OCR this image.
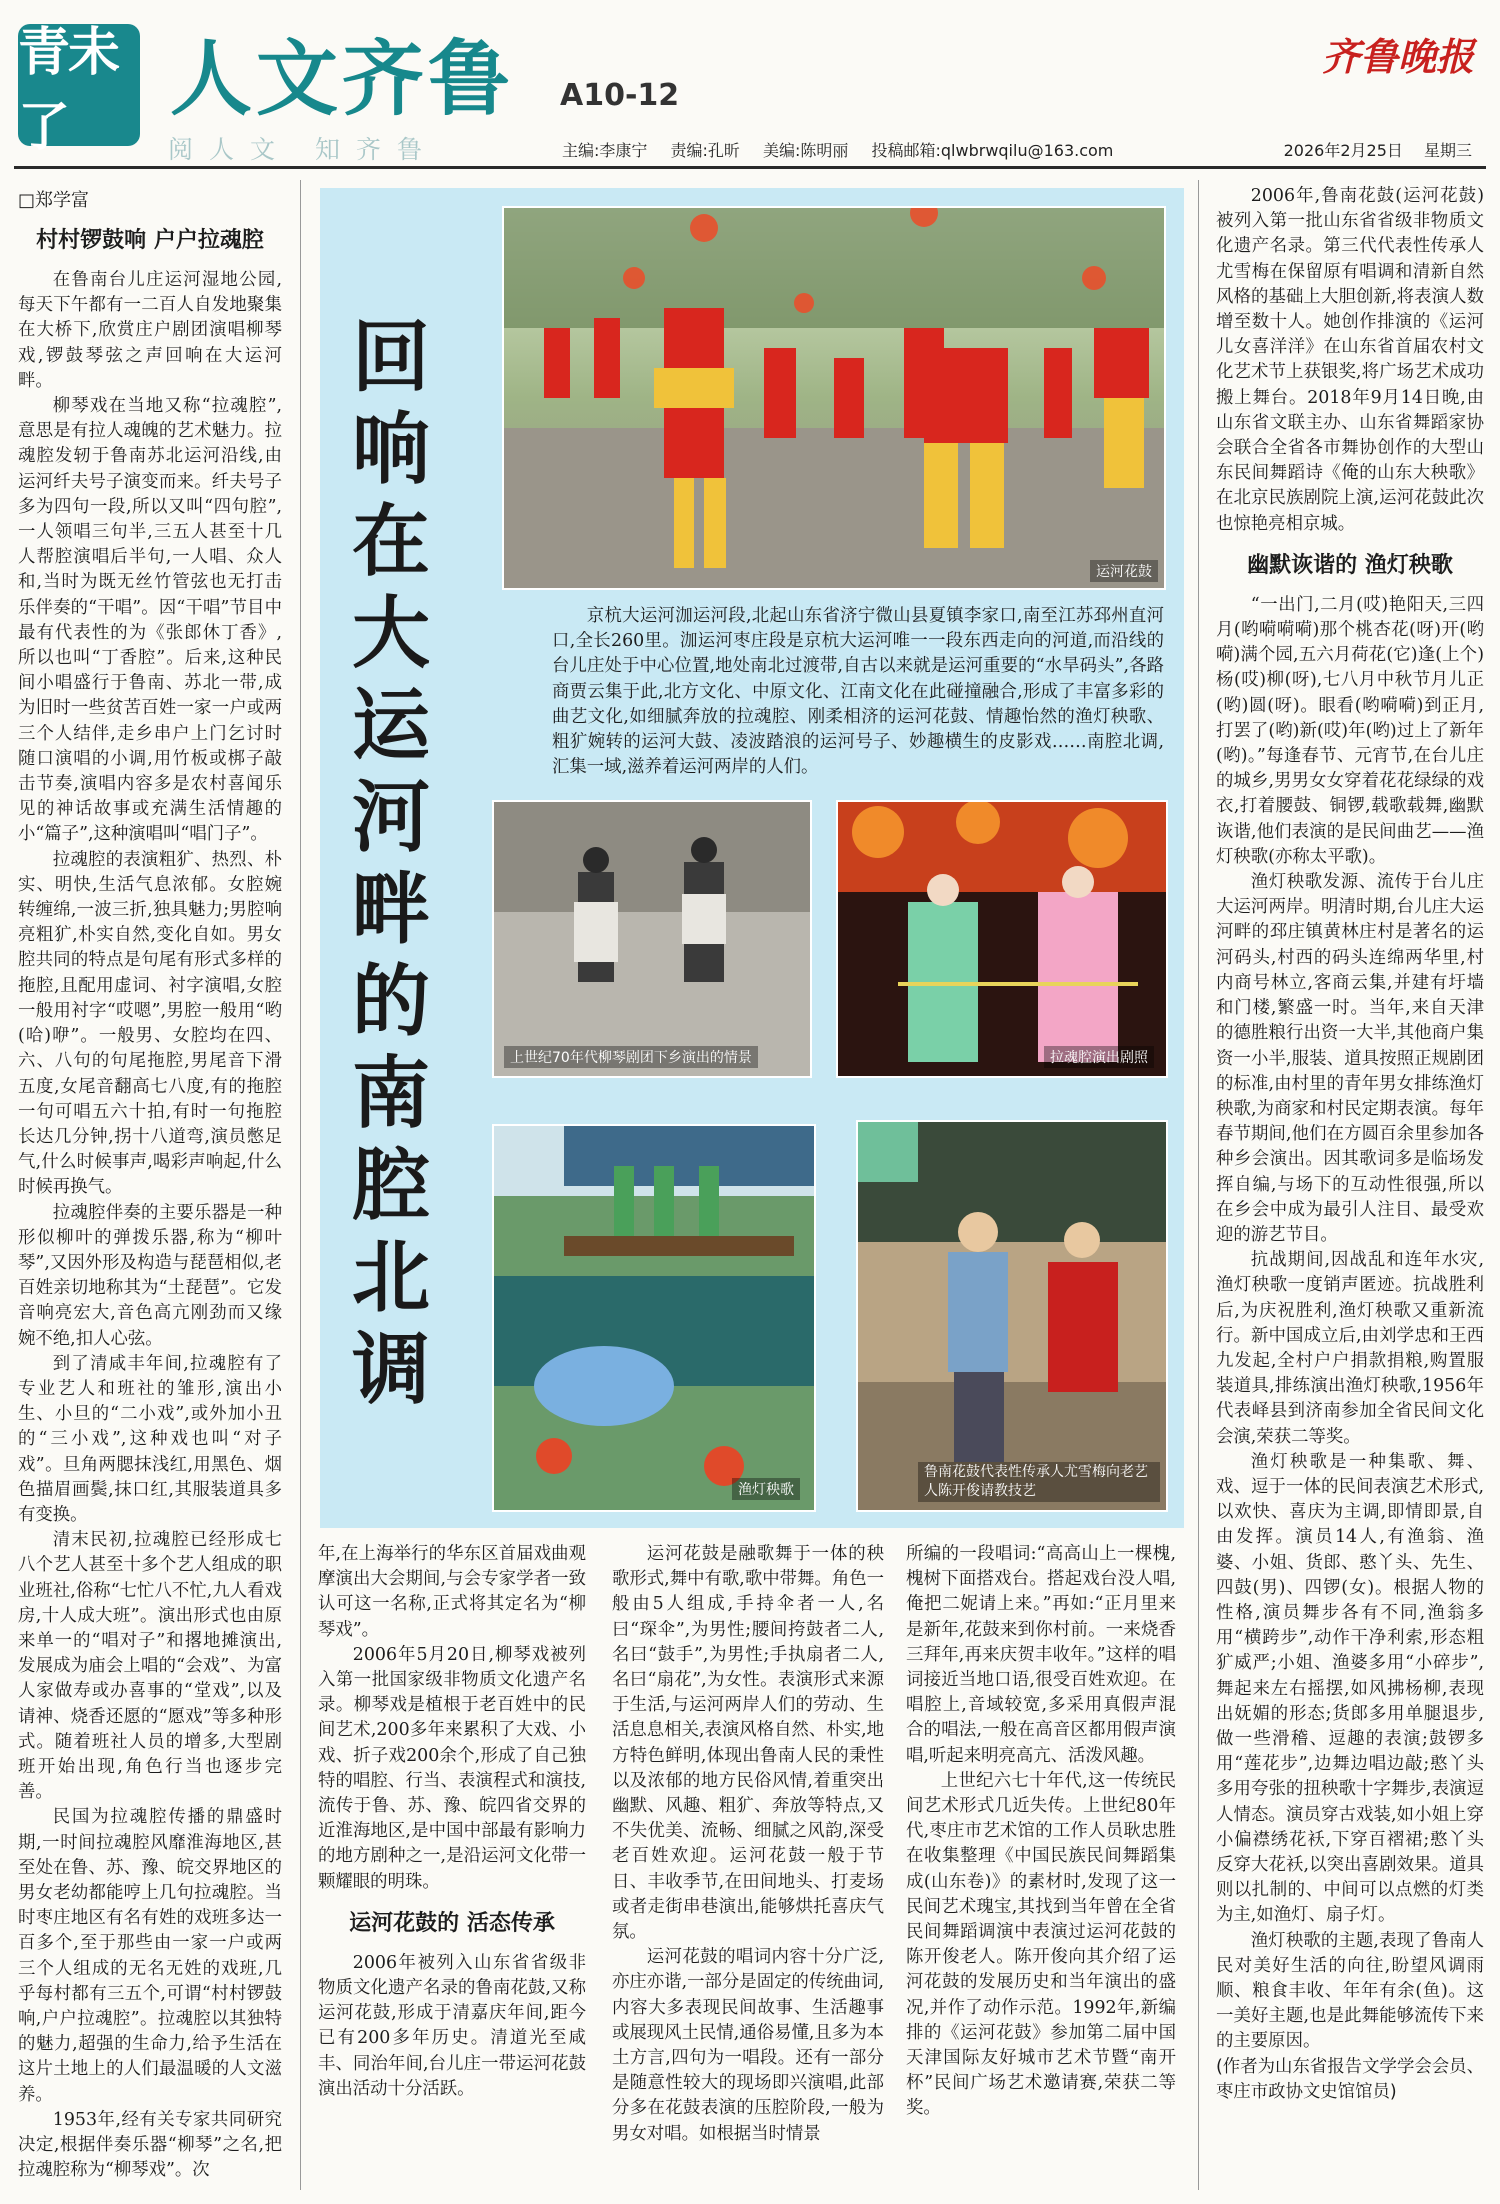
青未了
人文齐鲁 A10-12
阅人文 知齐鲁
齐鲁晚报
主编:李康宁 责编:孔昕 美编:陈明丽 投稿邮箱:qlwbrwqilu@163.com	2026年2月25日 星期三
□郑学富
回响在大运河畔的南腔北调
运河花鼓
京杭大运河泇运河段,北起山东省济宁微山县夏镇李家口,南至江苏邳州直河口,全长260里。泇运河枣庄段是京杭大运河唯一一段东西走向的河道,而沿线的台儿庄处于中心位置,地处南北过渡带,自古以来就是运河重要的“水旱码头”,各路商贾云集于此,北方文化、中原文化、江南文化在此碰撞融合,形成了丰富多彩的曲艺文化,如细腻奔放的拉魂腔、刚柔相济的运河花鼓、情趣怡然的渔灯秧歌、粗犷婉转的运河大鼓、凌波踏浪的运河号子、妙趣横生的皮影戏……南腔北调,汇集一域,滋养着运河两岸的人们。
上世纪70年代柳琴剧团下乡演出的情景	拉魂腔演出剧照
渔灯秧歌
鲁南花鼓代表性传承人尤雪梅向老艺人陈开俊请教技艺
村村锣鼓响 户户拉魂腔

在鲁南台儿庄运河湿地公园,每天下午都有一二百人自发地聚集在大桥下,欣赏庄户剧团演唱柳琴戏,锣鼓琴弦之声回响在大运河畔。

柳琴戏在当地又称“拉魂腔”,意思是有拉人魂魄的艺术魅力。拉魂腔发轫于鲁南苏北运河沿线,由运河纤夫号子演变而来。纤夫号子多为四句一段,所以又叫“四句腔”,一人领唱三句半,三五人甚至十几人帮腔演唱后半句,一人唱、众人和,当时为既无丝竹管弦也无打击乐伴奏的“干唱”。因“干唱”节目中最有代表性的为《张郎休丁香》,所以也叫“丁香腔”。后来,这种民间小唱盛行于鲁南、苏北一带,成为旧时一些贫苦百姓一家一户或两三个人结伴,走乡串户上门乞讨时随口演唱的小调,用竹板或梆子敲击节奏,演唱内容多是农村喜闻乐见的神话故事或充满生活情趣的小“篇子”,这种演唱叫“唱门子”。

拉魂腔的表演粗犷、热烈、朴实、明快,生活气息浓郁。女腔婉转缠绵,一波三折,独具魅力;男腔响亮粗犷,朴实自然,变化自如。男女腔共同的特点是句尾有形式多样的拖腔,且配用虚词、衬字演唱,女腔一般用衬字“哎嗯”,男腔一般用“哟(哈)咿”。一般男、女腔均在四、六、八句的句尾拖腔,男尾音下滑五度,女尾音翻高七八度,有的拖腔一句可唱五六十拍,有时一句拖腔长达几分钟,拐十八道弯,演员憋足气,什么时候事声,喝彩声响起,什么时候再换气。

拉魂腔伴奏的主要乐器是一种形似柳叶的弹拨乐器,称为“柳叶琴”,又因外形及构造与琵琶相似,老百姓亲切地称其为“土琵琶”。它发音响亮宏大,音色高亢刚劲而又缘婉不绝,扣人心弦。

到了清咸丰年间,拉魂腔有了专业艺人和班社的雏形,演出小生、小旦的“二小戏”,或外加小丑的“三小戏”,这种戏也叫“对子戏”。旦角两腮抹浅红,用黑色、烟色描眉画鬓,抹口红,其服装道具多有变换。

清末民初,拉魂腔已经形成七八个艺人甚至十多个艺人组成的职业班社,俗称“七忙八不忙,九人看戏房,十人成大班”。演出形式也由原来单一的“唱对子”和撂地摊演出,发展成为庙会上唱的“会戏”、为富人家做寿或办喜事的“堂戏”,以及请神、烧香还愿的“愿戏”等多种形式。随着班社人员的增多,大型剧班开始出现,角色行当也逐步完善。

民国为拉魂腔传播的鼎盛时期,一时间拉魂腔风靡淮海地区,甚至处在鲁、苏、豫、皖交界地区的男女老幼都能哼上几句拉魂腔。当时枣庄地区有名有姓的戏班多达一百多个,至于那些由一家一户或两三个人组成的无名无姓的戏班,几乎每村都有三五个,可谓“村村锣鼓响,户户拉魂腔”。拉魂腔以其独特的魅力,超强的生命力,给予生活在这片土地上的人们最温暖的人文滋养。

1953年,经有关专家共同研究决定,根据伴奏乐器“柳琴”之名,把拉魂腔称为“柳琴戏”。次

年,在上海举行的华东区首届戏曲观摩演出大会期间,与会专家学者一致认可这一名称,正式将其定名为“柳琴戏”。

2006年5月20日,柳琴戏被列入第一批国家级非物质文化遗产名录。柳琴戏是植根于老百姓中的民间艺术,200多年来累积了大戏、小戏、折子戏200余个,形成了自己独特的唱腔、行当、表演程式和演技,流传于鲁、苏、豫、皖四省交界的近淮海地区,是中国中部最有影响力的地方剧种之一,是沿运河文化带一颗耀眼的明珠。

运河花鼓的 活态传承

2006年被列入山东省省级非物质文化遗产名录的鲁南花鼓,又称运河花鼓,形成于清嘉庆年间,距今已有200多年历史。清道光至咸丰、同治年间,台儿庄一带运河花鼓演出活动十分活跃。

运河花鼓是融歌舞于一体的秧歌形式,舞中有歌,歌中带舞。角色一般由5人组成,手持伞者一人,名曰“琛伞”,为男性;腰间挎鼓者二人,名曰“鼓手”,为男性;手执扇者二人,名曰“扇花”,为女性。表演形式来源于生活,与运河两岸人们的劳动、生活息息相关,表演风格自然、朴实,地方特色鲜明,体现出鲁南人民的秉性以及浓郁的地方民俗风情,着重突出幽默、风趣、粗犷、奔放等特点,又不失优美、流畅、细腻之风韵,深受老百姓欢迎。运河花鼓一般于节日、丰收季节,在田间地头、打麦场或者走街串巷演出,能够烘托喜庆气氛。

运河花鼓的唱词内容十分广泛,亦庄亦谐,一部分是固定的传统曲词,内容大多表现民间故事、生活趣事或展现风土民情,通俗易懂,且多为本土方言,四句为一唱段。还有一部分是随意性较大的现场即兴演唱,此部分多在花鼓表演的压腔阶段,一般为男女对唱。如根据当时情景

所编的一段唱词:“高高山上一棵槐,槐树下面搭戏台。搭起戏台没人唱,俺把二妮请上来。”再如:“正月里来是新年,花鼓来到你村前。一来烧香三拜年,再来庆贺丰收年。”这样的唱词接近当地口语,很受百姓欢迎。在唱腔上,音域较宽,多采用真假声混合的唱法,一般在高音区都用假声演唱,听起来明亮高亢、活泼风趣。

上世纪六七十年代,这一传统民间艺术形式几近失传。上世纪80年代,枣庄市艺术馆的工作人员耿忠胜在收集整理《中国民族民间舞蹈集成(山东卷)》的素材时,发现了这一民间艺术瑰宝,其找到当年曾在全省民间舞蹈调演中表演过运河花鼓的陈开俊老人。陈开俊向其介绍了运河花鼓的发展历史和当年演出的盛况,并作了动作示范。1992年,新编排的《运河花鼓》参加第二届中国天津国际友好城市艺术节暨“南开杯”民间广场艺术邀请赛,荣获二等奖。

2006年,鲁南花鼓(运河花鼓)被列入第一批山东省省级非物质文化遗产名录。第三代代表性传承人尤雪梅在保留原有唱调和清新自然风格的基础上大胆创新,将表演人数增至数十人。她创作排演的《运河儿女喜洋洋》在山东省首届农村文化艺术节上获银奖,将广场艺术成功搬上舞台。2018年9月14日晚,由山东省文联主办、山东省舞蹈家协会联合全省各市舞协创作的大型山东民间舞蹈诗《俺的山东大秧歌》在北京民族剧院上演,运河花鼓此次也惊艳亮相京城。

幽默诙谐的 渔灯秧歌

“一出门,二月(哎)艳阳天,三四月(哟嗬嗬嗬)那个桃杏花(呀)开(哟嗬)满个园,五六月荷花(它)逢(上个)杨(哎)柳(呀),七八月中秋节月儿正(哟)圆(呀)。眼看(哟嗬嗬)到正月,打罢了(哟)新(哎)年(哟)过上了新年(哟)。”每逢春节、元宵节,在台儿庄的城乡,男男女女穿着花花绿绿的戏衣,打着腰鼓、铜锣,载歌载舞,幽默诙谐,他们表演的是民间曲艺——渔灯秧歌(亦称太平歌)。

渔灯秧歌发源、流传于台儿庄大运河两岸。明清时期,台儿庄大运河畔的邳庄镇黄林庄村是著名的运河码头,村西的码头连绵两华里,村内商号林立,客商云集,并建有圩墙和门楼,繁盛一时。当年,来自天津的德胜粮行出资一大半,其他商户集资一小半,服装、道具按照正规剧团的标准,由村里的青年男女排练渔灯秧歌,为商家和村民定期表演。每年春节期间,他们在方圆百余里参加各种乡会演出。因其歌词多是临场发挥自编,与场下的互动性很强,所以在乡会中成为最引人注目、最受欢迎的游艺节目。

抗战期间,因战乱和连年水灾,渔灯秧歌一度销声匿迹。抗战胜利后,为庆祝胜利,渔灯秧歌又重新流行。新中国成立后,由刘学忠和王西九发起,全村户户捐款捐粮,购置服装道具,排练演出渔灯秧歌,1956年代表峄县到济南参加全省民间文化会演,荣获二等奖。

渔灯秧歌是一种集歌、舞、戏、逗于一体的民间表演艺术形式,以欢快、喜庆为主调,即情即景,自由发挥。演员14人,有渔翁、渔婆、小姐、货郎、憨丫头、先生、四鼓(男)、四锣(女)。根据人物的性格,演员舞步各有不同,渔翁多用“横跨步”,动作干净利索,形态粗犷威严;小姐、渔婆多用“小碎步”,舞起来左右摇摆,如风拂杨柳,表现出妩媚的形态;货郎多用单腿退步,做一些滑稽、逗趣的表演;鼓锣多用“莲花步”,边舞边唱边敲;憨丫头多用夸张的扭秧歌十字舞步,表演逗人情态。演员穿古戏装,如小姐上穿小偏襟绣花袄,下穿百褶裙;憨丫头反穿大花袄,以突出喜剧效果。道具则以扎制的、中间可以点燃的灯类为主,如渔灯、扇子灯。

渔灯秧歌的主题,表现了鲁南人民对美好生活的向往,盼望风调雨顺、粮食丰收、年年有余(鱼)。这一美好主题,也是此舞能够流传下来的主要原因。

(作者为山东省报告文学学会会员、枣庄市政协文史馆馆员)
